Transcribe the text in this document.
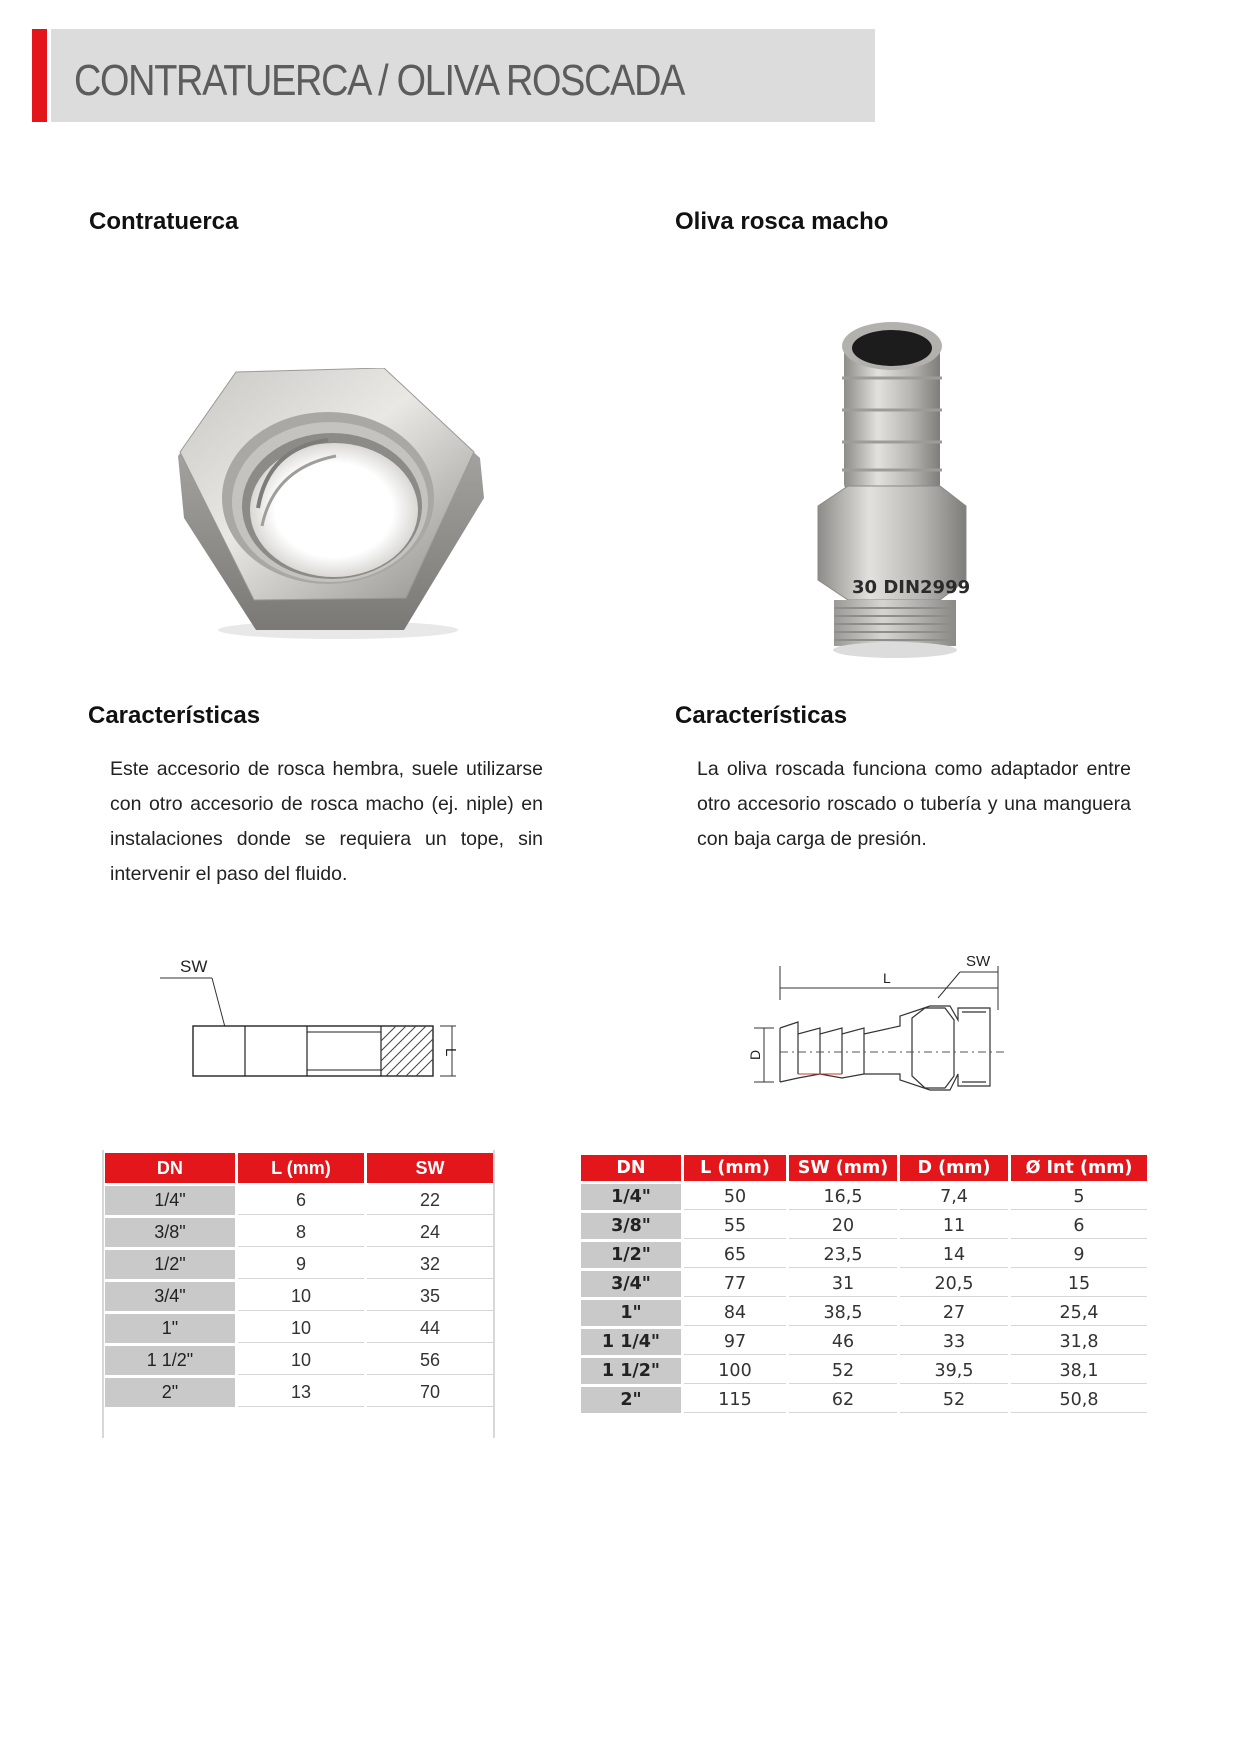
CONTRATUERCA / OLIVA ROSCADA
Contratuerca	Oliva rosca macho
30 DIN2999
Características	Características
Este accesorio de rosca hembra, suele utilizarse con otro accesorio de rosca macho (ej. niple) en instalaciones donde se requiera un tope, sin intervenir el paso del fluido.
La oliva roscada funciona como adaptador entre otro accesorio roscado o tubería y una manguera con baja carga de presión.
SW
L
SW
L
D
DN	L (mm)	SW
1/4"	6	22
3/8"	8	24
1/2"	9	32
3/4"	10	35
1"	10	44
1 1/2"	10	56
2"	13	70
DN	L (mm)	SW (mm)	D (mm)	Ø Int (mm)
1/4"	50	16,5	7,4	5
3/8"	55	20	11	6
1/2"	65	23,5	14	9
3/4"	77	31	20,5	15
1"	84	38,5	27	25,4
1 1/4"	97	46	33	31,8
1 1/2"	100	52	39,5	38,1
2"	115	62	52	50,8
